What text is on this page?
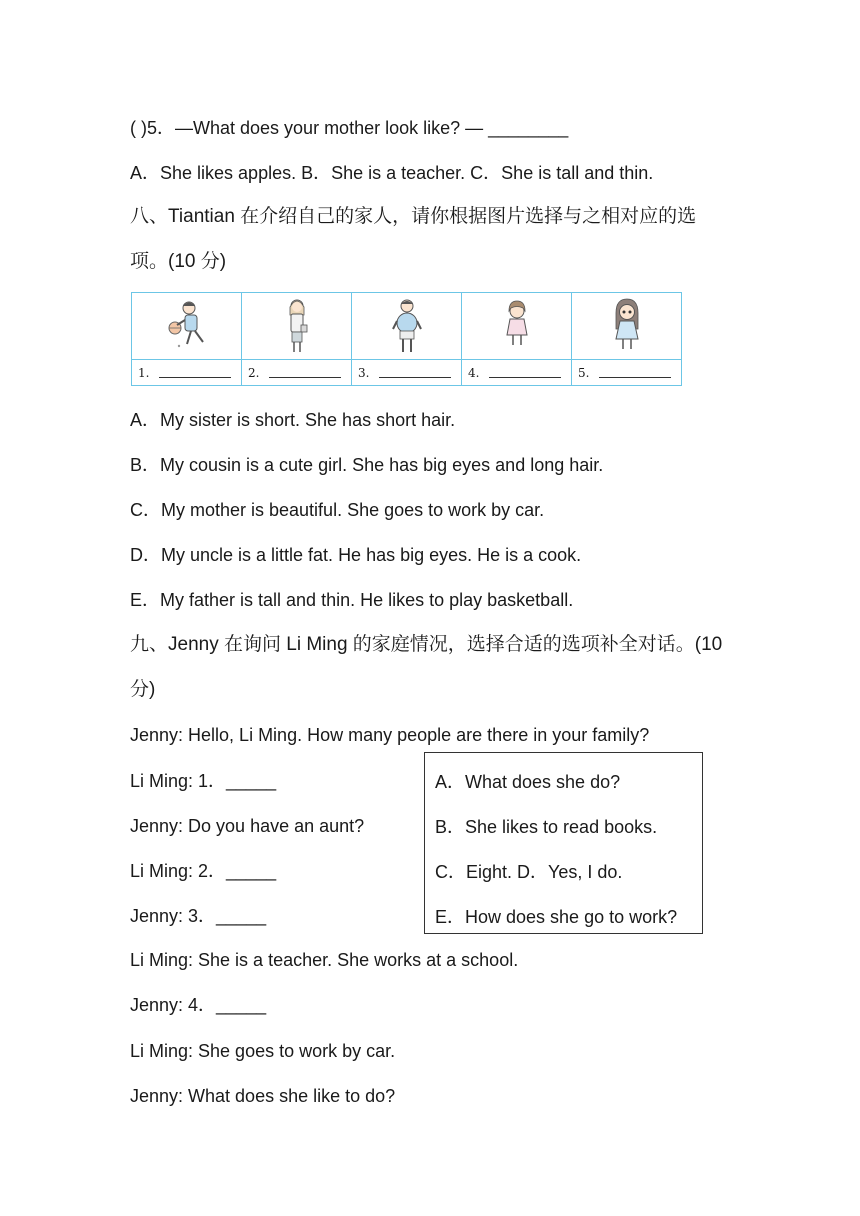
( )5．—What does your mother look like? — ________
A．She likes apples. B．She is a teacher. C．She is tall and thin.
八、Tiantian 在介绍自己的家人，请你根据图片选择与之相对应的选
项。(10 分)
1.	2.	3.	4.	5.
A．My sister is short. She has short hair.
B．My cousin is a cute girl. She has big eyes and long hair.
C．My mother is beautiful. She goes to work by car.
D．My uncle is a little fat. He has big eyes. He is a cook.
E．My father is tall and thin. He likes to play basketball.
九、Jenny 在询问 Li Ming 的家庭情况，选择合适的选项补全对话。(10
分)
Jenny: Hello, Li Ming. How many people are there in your family?
Li Ming: 1．_____
Jenny: Do you have an aunt?
Li Ming: 2．_____
Jenny: 3．_____
Li Ming: She is a teacher. She works at a school.
Jenny: 4．_____
Li Ming: She goes to work by car.
Jenny: What does she like to do?
A．What does she do?
B．She likes to read books.
C．Eight. D．Yes, I do.
E．How does she go to work?
